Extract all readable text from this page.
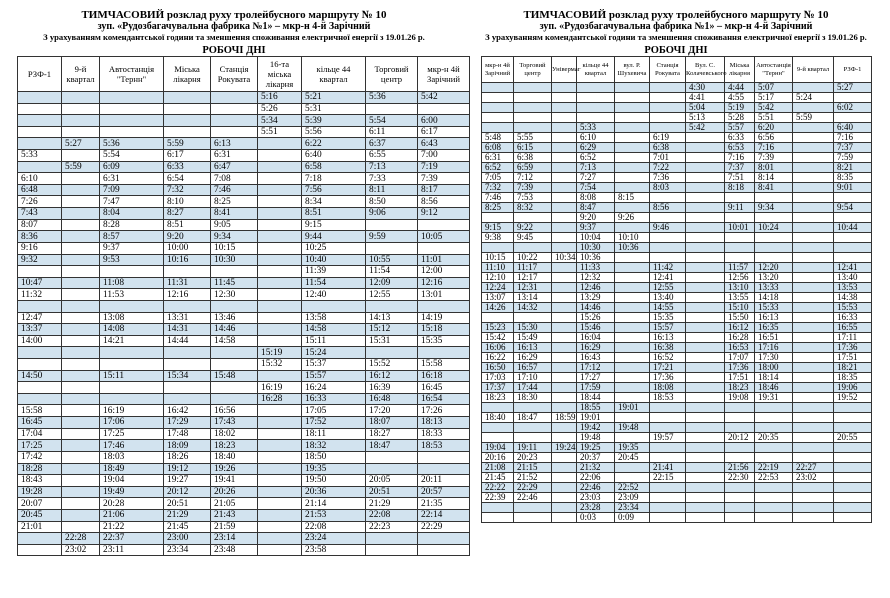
ТИМЧАСОВИЙ розклад руху тролейбусного маршруту № 10
зуп. «Рудозбагачувальна фабрика №1» – мкр-н 4-й Зарічний
З урахуванням комендантської години та зменшення споживання електричної енергії з 19.01.26 р.
РОБОЧІ ДНІ
РЗФ-1	9-й квартал	Автостанція "Тернн"	Міська лікарня	Станція Рокувата	16-та міська лікарня	кільце 44 квартал	Торговий центр	мкр-н 4й Зарічний
					5:16	5:21	5:36	5:42
					5:26	5:31		
					5:34	5:39	5:54	6:00
					5:51	5:56	6:11	6:17
	5:27	5:36	5:59	6:13		6:22	6:37	6:43
5:33		5:54	6:17	6:31		6:40	6:55	7:00
	5:59	6:09	6:33	6:47		6:58	7:13	7:19
6:10		6:31	6:54	7:08		7:18	7:33	7:39
6:48		7:09	7:32	7:46		7:56	8:11	8:17
7:26		7:47	8:10	8:25		8:34	8:50	8:56
7:43		8:04	8:27	8:41		8:51	9:06	9:12
8:07		8:28	8:51	9:05		9:15		
8:36		8:57	9:20	9:34		9:44	9:59	10:05
9:16		9:37	10:00	10:15		10:25		
9:32		9:53	10:16	10:30		10:40	10:55	11:01
						11:39	11:54	12:00
10:47		11:08	11:31	11:45		11:54	12:09	12:16
11:32		11:53	12:16	12:30		12:40	12:55	13:01

12:47		13:08	13:31	13:46		13:58	14:13	14:19
13:37		14:08	14:31	14:46		14:58	15:12	15:18
14:00		14:21	14:44	14:58		15:11	15:31	15:35
					15:19	15:24		
					15:32	15:37	15:52	15:58
14:50		15:11	15:34	15:48		15:57	16:12	16:18
					16:19	16:24	16:39	16:45
					16:28	16:33	16:48	16:54
15:58		16:19	16:42	16:56		17:05	17:20	17:26
16:45		17:06	17:29	17:43		17:52	18:07	18:13
17:04		17:25	17:48	18:02		18:11	18:27	18:33
17:25		17:46	18:09	18:23		18:32	18:47	18:53
17:42		18:03	18:26	18:40		18:50		
18:28		18:49	19:12	19:26		19:35		
18:43		19:04	19:27	19:41		19:50	20:05	20:11
19:28		19:49	20:12	20:26		20:36	20:51	20:57
20:07		20:28	20:51	21:05		21:14	21:29	21:35
20:45		21:06	21:29	21:43		21:53	22:08	22:14
21:01		21:22	21:45	21:59		22:08	22:23	22:29
	22:28	22:37	23:00	23:14		23:24		
	23:02	23:11	23:34	23:48		23:58		
ТИМЧАСОВИЙ розклад руху тролейбусного маршруту № 10
зуп. «Рудозбагачувальна фабрика №1» – мкр-н 4-й Зарічний
З урахуванням комендантської години та зменшення споживання електричної енергії з 19.01.26 р.
РОБОЧІ ДНІ
мкр-н 4й Зарічний	Торговий центр	Універмаг	кільце 44 квартал	вул. Р. Шухевича	Станція Рокувата	Вул. С. Колачевського	Міська лікарня	Автостанція "Тернн"	9-й квартал	РЗФ-1
						4:30	4:44	5:07		5:27
						4:41	4:55	5:17	5:24	
						5:04	5:19	5:42		6:02
						5:13	5:28	5:51	5:59	
			5:33			5:42	5:57	6:20		6:40
5:48	5:55		6:10		6:19		6:33	6:56		7:16
6:08	6:15		6:29		6:38		6:53	7:16		7:37
6:31	6:38		6:52		7:01		7:16	7:39		7:59
6:52	6:59		7:13		7:22		7:37	8:01		8:21
7:05	7:12		7:27		7:36		7:51	8:14		8:35
7:32	7:39		7:54		8:03		8:18	8:41		9:01
7:46	7:53		8:08	8:15						
8:25	8:32		8:47		8:56		9:11	9:34		9:54
			9:20	9:26						
9:15	9:22		9:37		9:46		10:01	10:24		10:44
9:38	9:45		10:04	10:10						
			10:30	10:36						
10:15	10:22	10:34	10:36							
11:10	11:17		11:33		11:42		11:57	12:20		12:41
12:10	12:17		12:32		12:41		12:56	13:20		13:40
12:24	12:31		12:46		12:55		13:10	13:33		13:53
13:07	13:14		13:29		13:40		13:55	14:18		14:38
14:26	14:32		14:46		14:55		15:10	15:33		15:53
			15:26		15:35		15:50	16:13		16:33
15:23	15:30		15:46		15:57		16:12	16:35		16:55
15:42	15:49		16:04		16:13		16:28	16:51		17:11
16:06	16:13		16:29		16:38		16:53	17:16		17:36
16:22	16:29		16:43		16:52		17:07	17:30		17:51
16:50	16:57		17:12		17:21		17:36	18:00		18:21
17:03	17:10		17:27		17:36		17:51	18:14		18:35
17:37	17:44		17:59		18:08		18:23	18:46		19:06
18:23	18:30		18:44		18:53		19:08	19:31		19:52
			18:55	19:01						
18:40	18:47	18:59	19:01							
			19:42	19:48						
			19:48		19:57		20:12	20:35		20:55
19:04	19:11	19:24	19:25	19:35						
20:16	20:23		20:37	20:45						
21:08	21:15		21:32		21:41		21:56	22:19	22:27	
21:45	21:52		22:06		22:15		22:30	22:53	23:02	
22:22	22:29		22:46	22:52						
22:39	22:46		23:03	23:09						
			23:28	23:34						
			0:03	0:09						
